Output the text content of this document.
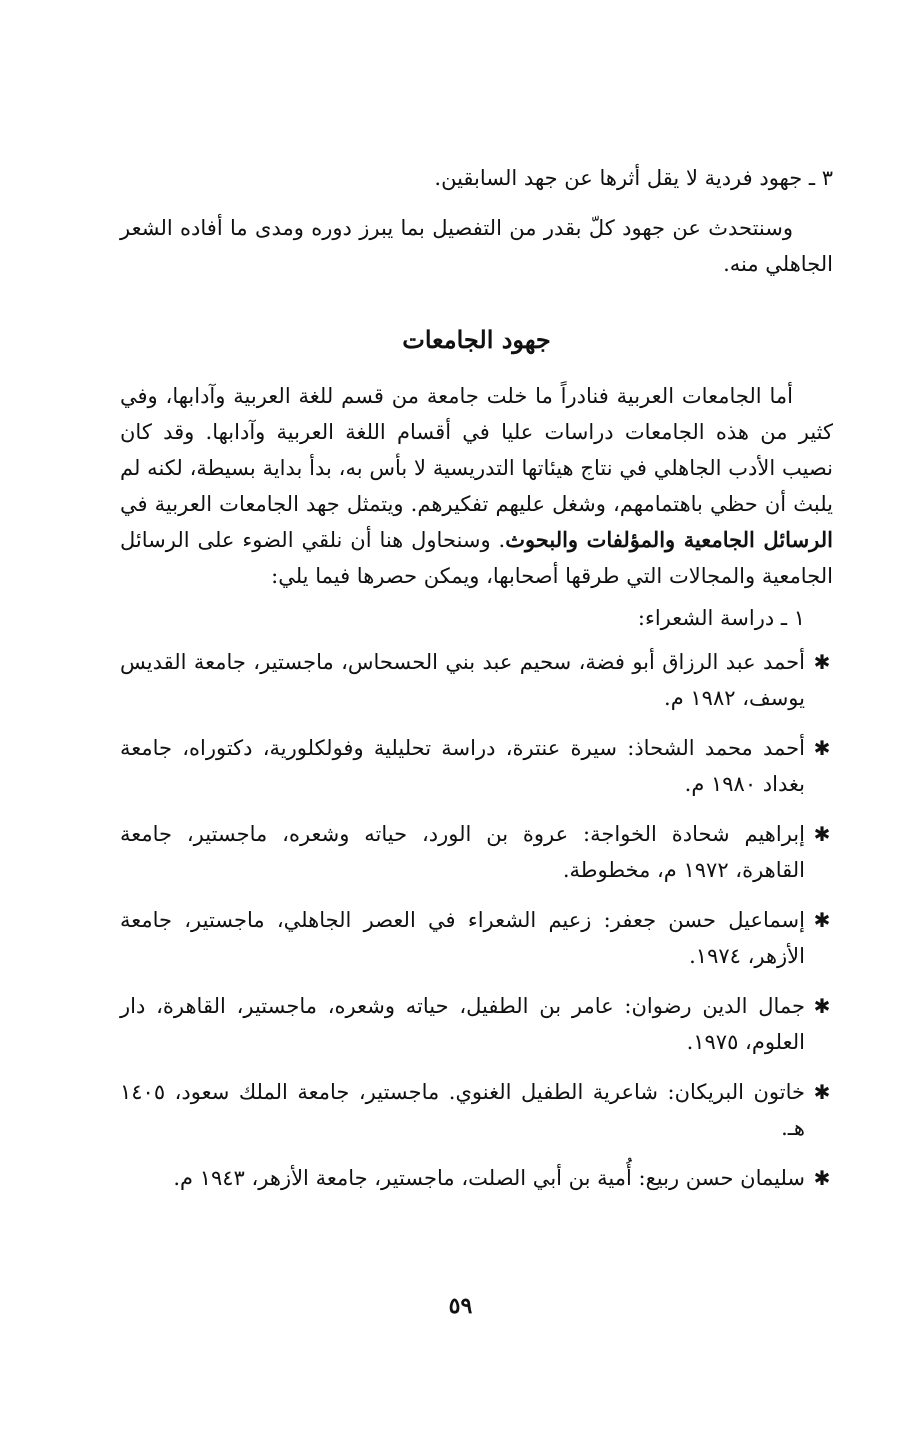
٣ ـ جهود فردية لا يقل أثرها عن جهد السابقين.

وسنتحدث عن جهود كلّ بقدر من التفصيل بما يبرز دوره ومدى ما أفاده الشعر الجاهلي منه.

جهود الجامعات

أما الجامعات العربية فنادراً ما خلت جامعة من قسم للغة العربية وآدابها، وفي كثير من هذه الجامعات دراسات عليا في أقسام اللغة العربية وآدابها. وقد كان نصيب الأدب الجاهلي في نتاج هيئاتها التدريسية لا بأس به، بدأ بداية بسيطة، لكنه لم يلبث أن حظي باهتمامهم، وشغل عليهم تفكيرهم. ويتمثل جهد الجامعات العربية في الرسائل الجامعية والمؤلفات والبحوث. وسنحاول هنا أن نلقي الضوء على الرسائل الجامعية والمجالات التي طرقها أصحابها، ويمكن حصرها فيما يلي:

١ ـ دراسة الشعراء:

✱
أحمد عبد الرزاق أبو فضة، سحيم عبد بني الحسحاس، ماجستير، جامعة القديس يوسف، ١٩٨٢ م.
✱
أحمد محمد الشحاذ: سيرة عنترة، دراسة تحليلية وفولكلورية، دكتوراه، جامعة بغداد ١٩٨٠ م.
✱
إبراهيم شحادة الخواجة: عروة بن الورد، حياته وشعره، ماجستير، جامعة القاهرة، ١٩٧٢ م، مخطوطة.
✱
إسماعيل حسن جعفر: زعيم الشعراء في العصر الجاهلي، ماجستير، جامعة الأزهر، ١٩٧٤.
✱
جمال الدين رضوان: عامر بن الطفيل، حياته وشعره، ماجستير، القاهرة، دار العلوم، ١٩٧٥.
✱
خاتون البريكان: شاعرية الطفيل الغنوي. ماجستير، جامعة الملك سعود، ١٤٠٥ هـ.
✱
سليمان حسن ربيع: أُمية بن أبي الصلت، ماجستير، جامعة الأزهر، ١٩٤٣ م.
٥٩
